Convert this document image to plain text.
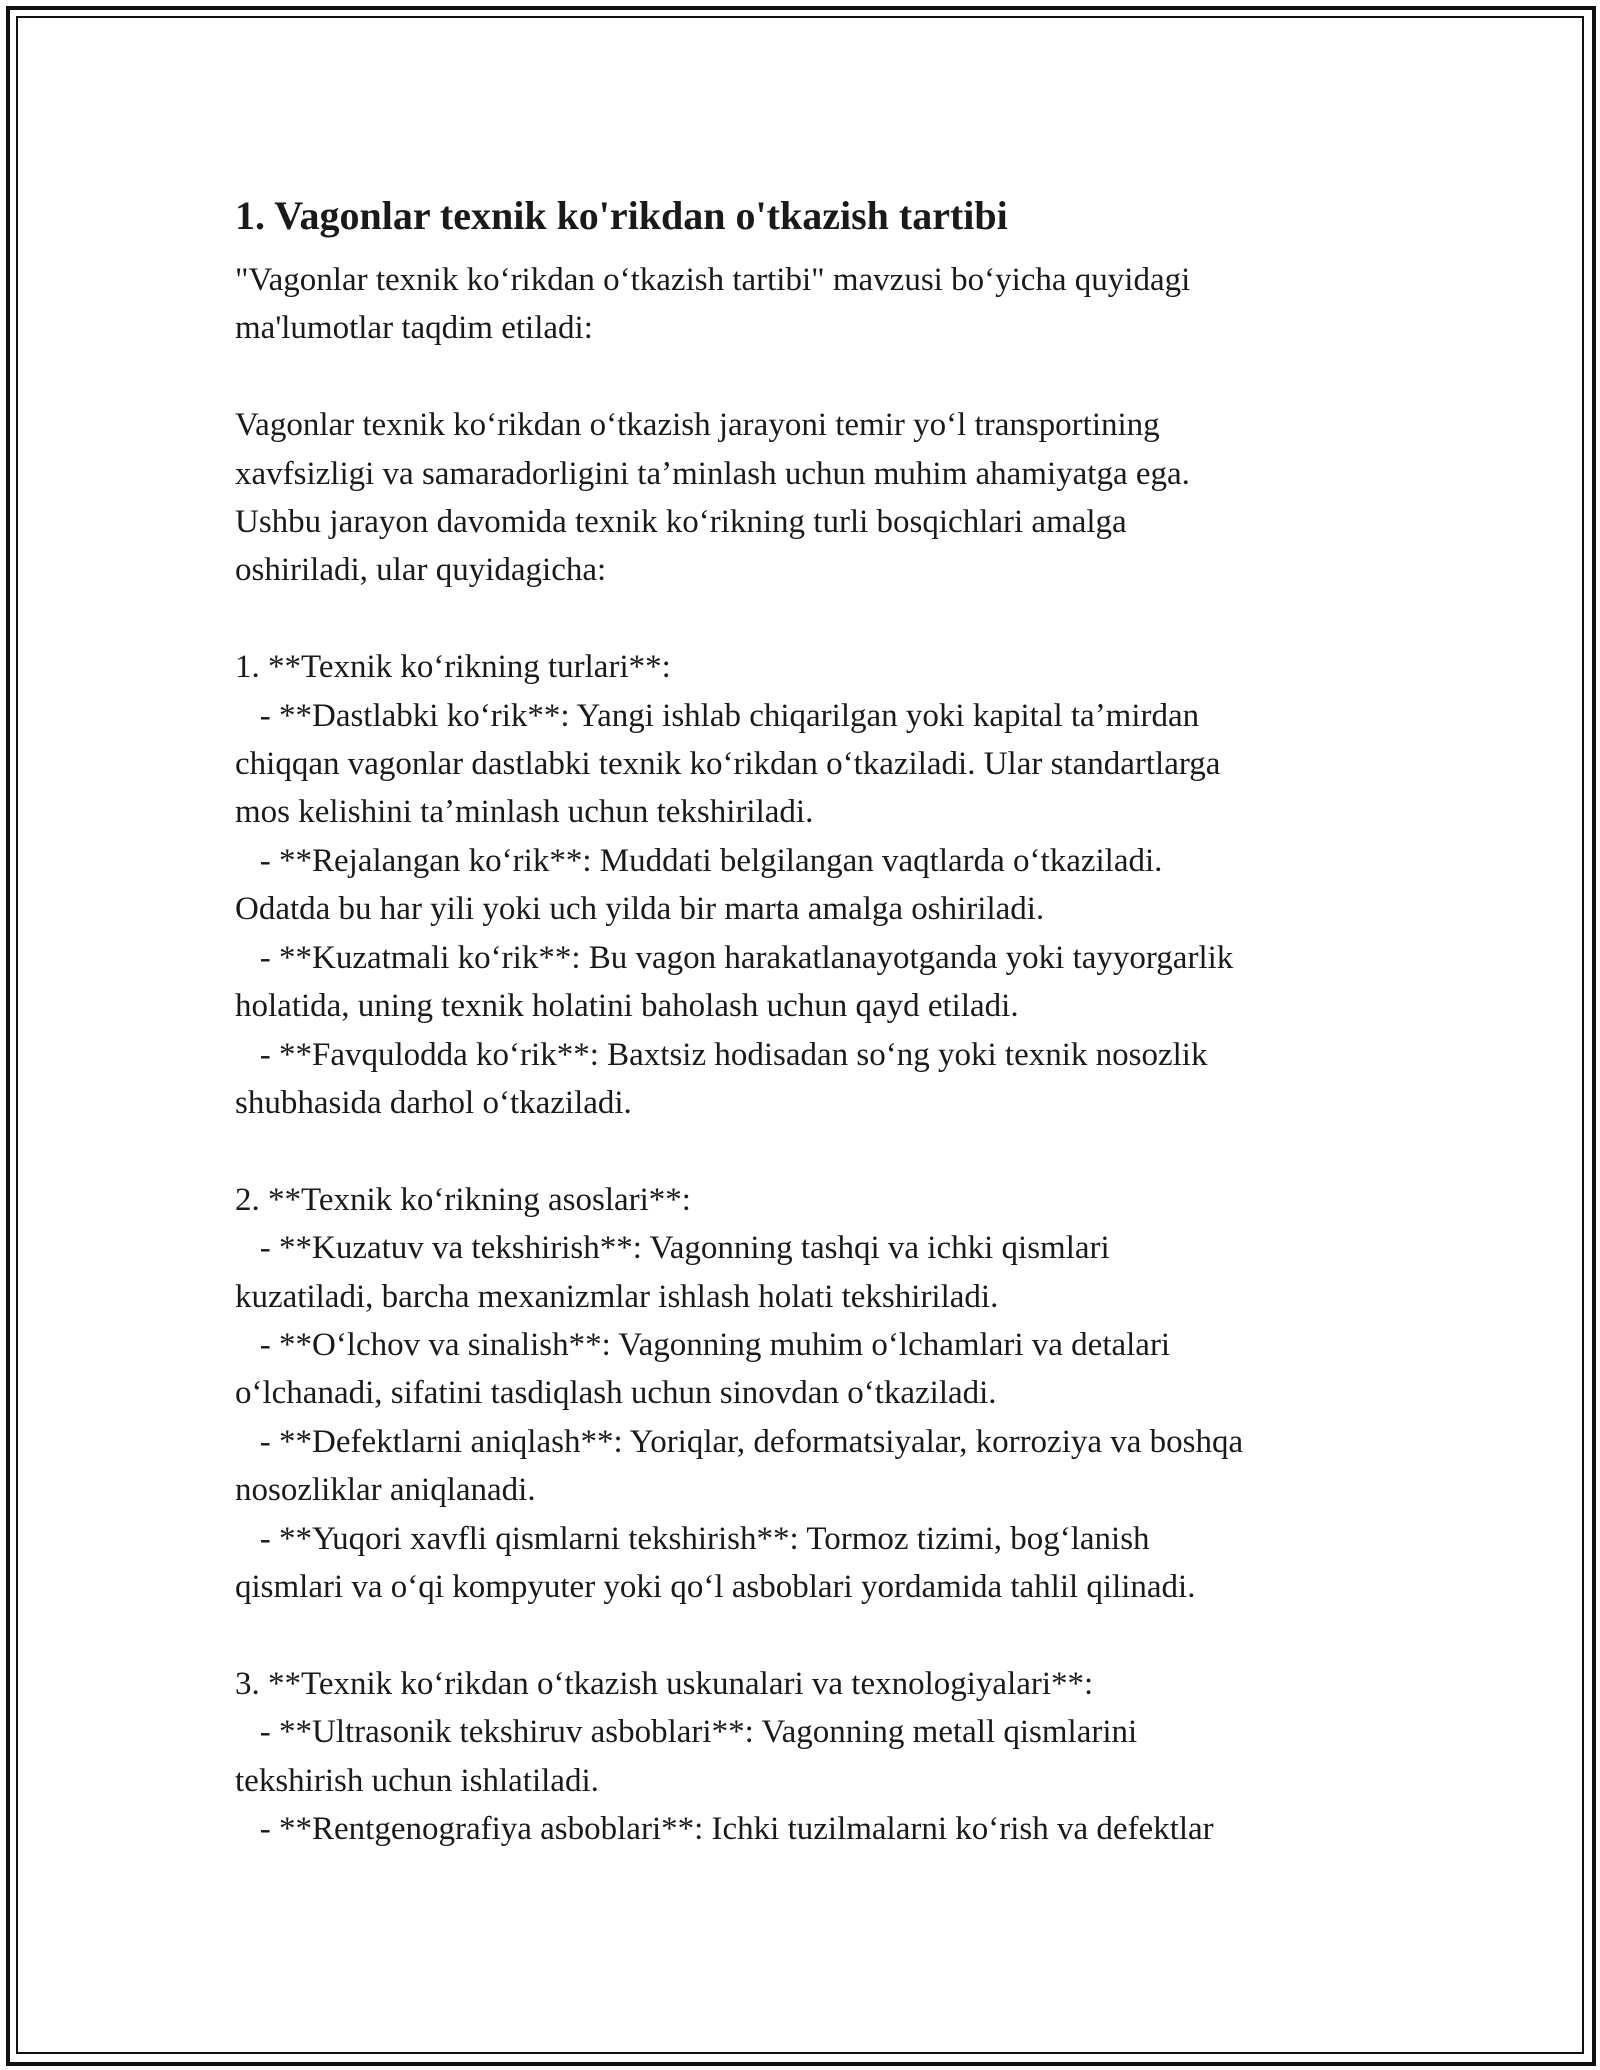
1. Vagonlar texnik ko'rikdan o'tkazish tartibi
"Vagonlar texnik koʻrikdan oʻtkazish tartibi" mavzusi boʻyicha quyidagi
ma'lumotlar taqdim etiladi:

Vagonlar texnik koʻrikdan oʻtkazish jarayoni temir yoʻl transportining
xavfsizligi va samaradorligini taʼminlash uchun muhim ahamiyatga ega.
Ushbu jarayon davomida texnik koʻrikning turli bosqichlari amalga
oshiriladi, ular quyidagicha:

1. **Texnik koʻrikning turlari**:
- **Dastlabki koʻrik**: Yangi ishlab chiqarilgan yoki kapital taʼmirdan
chiqqan vagonlar dastlabki texnik koʻrikdan oʻtkaziladi. Ular standartlarga
mos kelishini taʼminlash uchun tekshiriladi.
- **Rejalangan koʻrik**: Muddati belgilangan vaqtlarda oʻtkaziladi.
Odatda bu har yili yoki uch yilda bir marta amalga oshiriladi.
- **Kuzatmali koʻrik**: Bu vagon harakatlanayotganda yoki tayyorgarlik
holatida, uning texnik holatini baholash uchun qayd etiladi.
- **Favqulodda koʻrik**: Baxtsiz hodisadan soʻng yoki texnik nosozlik
shubhasida darhol oʻtkaziladi.

2. **Texnik koʻrikning asoslari**:
- **Kuzatuv va tekshirish**: Vagonning tashqi va ichki qismlari
kuzatiladi, barcha mexanizmlar ishlash holati tekshiriladi.
- **Oʻlchov va sinalish**: Vagonning muhim oʻlchamlari va detalari
oʻlchanadi, sifatini tasdiqlash uchun sinovdan oʻtkaziladi.
- **Defektlarni aniqlash**: Yoriqlar, deformatsiyalar, korroziya va boshqa
nosozliklar aniqlanadi.
- **Yuqori xavfli qismlarni tekshirish**: Tormoz tizimi, bogʻlanish
qismlari va oʻqi kompyuter yoki qoʻl asboblari yordamida tahlil qilinadi.

3. **Texnik koʻrikdan oʻtkazish uskunalari va texnologiyalari**:
- **Ultrasonik tekshiruv asboblari**: Vagonning metall qismlarini
tekshirish uchun ishlatiladi.
- **Rentgenografiya asboblari**: Ichki tuzilmalarni koʻrish va defektlar
